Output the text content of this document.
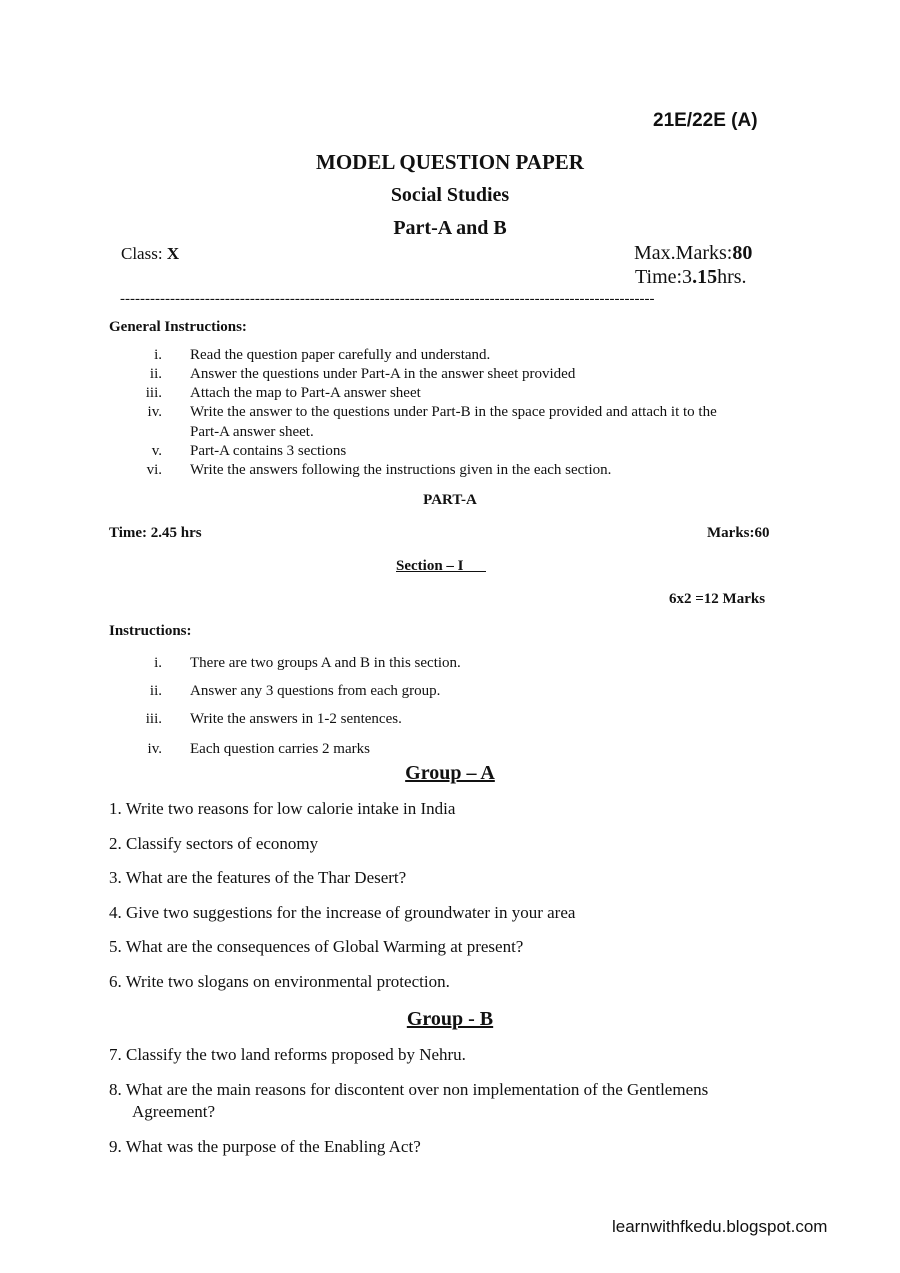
21E/22E (A)

MODEL QUESTION PAPER

Social Studies

Part-A and B

Class: X	Max.Marks:80

Time:3.15hrs.

-----------------------------------------------------------------------------------------------------------

General Instructions:

i. Read the question paper carefully and understand.
ii. Answer the questions under Part-A in the answer sheet provided
iii. Attach the map to Part-A answer sheet
iv. Write the answer to the questions under Part-B in the space provided and attach it to the
Part-A answer sheet.
v. Part-A contains 3 sections
vi. Write the answers following the instructions given in the each section.

PART-A

Time: 2.45 hrs	Marks:60

Section – I

6x2 =12 Marks

Instructions:

i. There are two groups A and B in this section.
ii. Answer any 3 questions from each group.
iii. Write the answers in 1-2 sentences.
iv. Each question carries 2 marks

Group – A

1. Write two reasons for low calorie intake in India

2. Classify sectors of economy

3. What are the features of the Thar Desert?

4. Give two suggestions for the increase of groundwater in your area

5. What are the consequences of Global Warming at present?

6. Write two slogans on environmental protection.

Group - B

7. Classify the two land reforms proposed by Nehru.

8. What are the main reasons for discontent over non implementation of the Gentlemens

Agreement?

9. What was the purpose of the Enabling Act?

learnwithfkedu.blogspot.com
